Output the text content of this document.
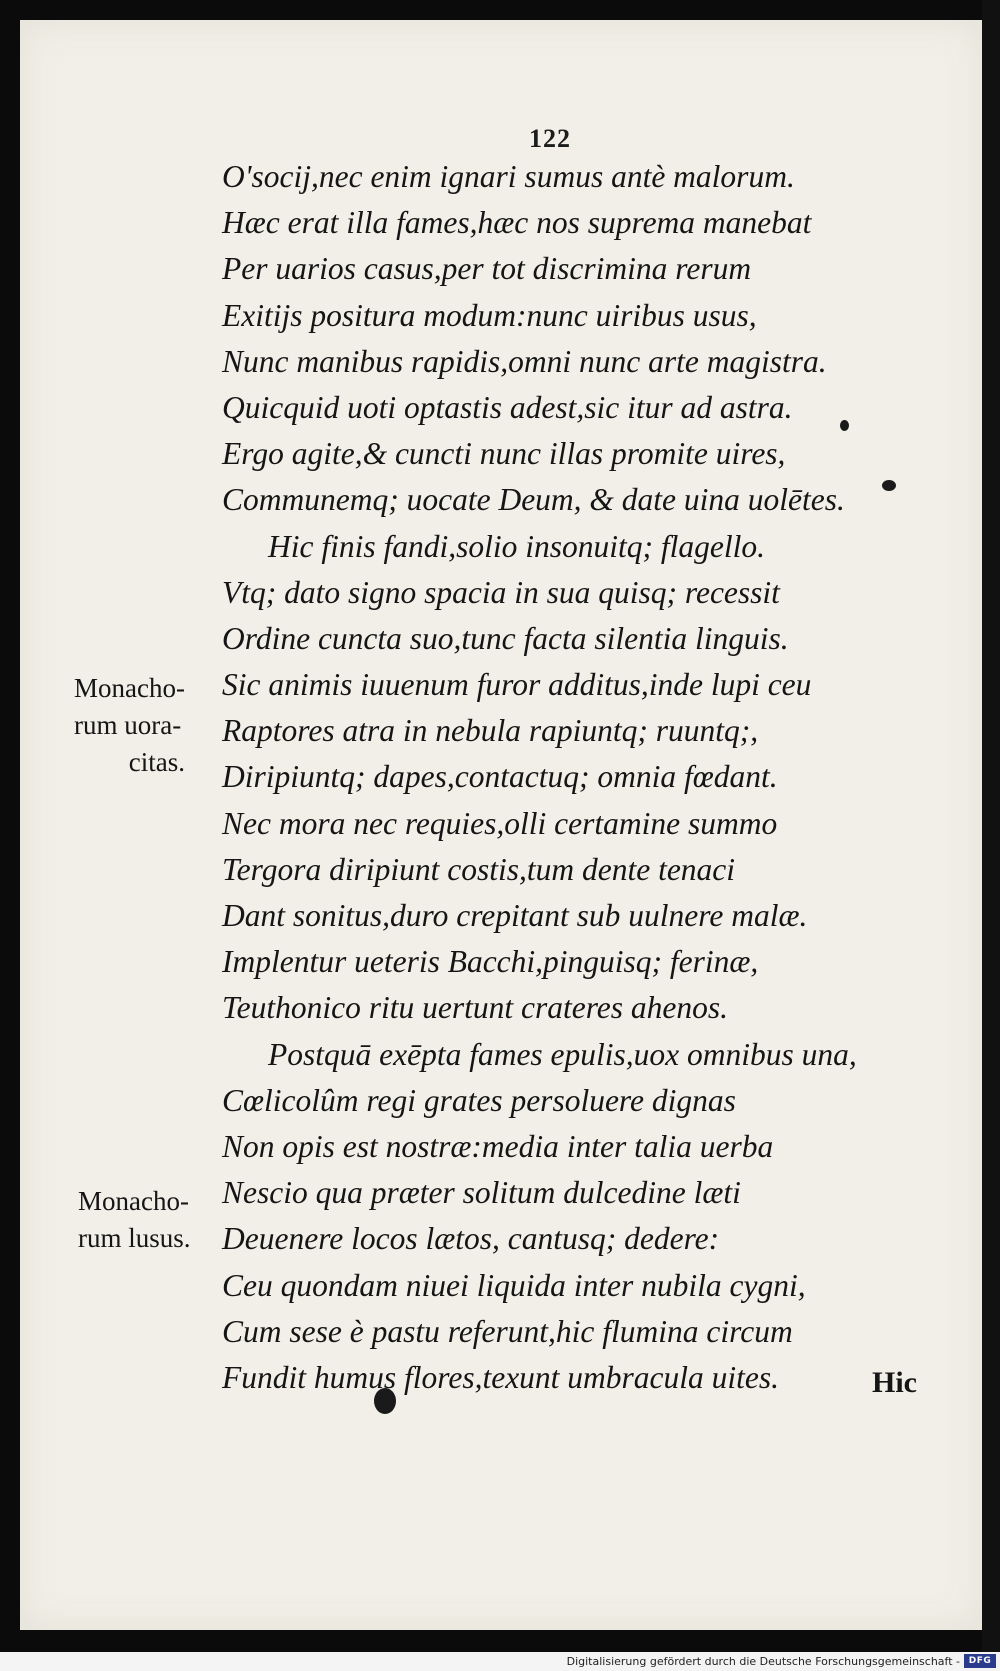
122
Monacho-
rum uora-
citas.
Monacho-
rum lusus.
Hic
O'socij,nec enim ignari sumus antè malorum.
Hæc erat illa fames,hæc nos suprema manebat
Per uarios casus,per tot discrimina rerum
Exitijs positura modum:nunc uiribus usus,
Nunc manibus rapidis,omni nunc arte magistra.
Quicquid uoti optastis adest,sic itur ad astra.
Ergo agite,& cuncti nunc illas promite uires,
Communemq; uocate Deum, & date uina uolētes.
Hic finis fandi,solio insonuitq; flagello.
Vtq; dato signo spacia in sua quisq; recessit
Ordine cuncta suo,tunc facta silentia linguis.
Sic animis iuuenum furor additus,inde lupi ceu
Raptores atra in nebula rapiuntq; ruuntq;,
Diripiuntq; dapes,contactuq; omnia fœdant.
Nec mora nec requies,olli certamine summo
Tergora diripiunt costis,tum dente tenaci
Dant sonitus,duro crepitant sub uulnere malæ.
Implentur ueteris Bacchi,pinguisq; ferinæ,
Teuthonico ritu uertunt crateres ahenos.
Postquā exēpta fames epulis,uox omnibus una,
Cœlicolûm regi grates persoluere dignas
Non opis est nostræ:media inter talia uerba
Nescio qua præter solitum dulcedine læti
Deuenere locos lætos, cantusq; dedere:
Ceu quondam niuei liquida inter nubila cygni,
Cum sese è pastu referunt,hic flumina circum
Fundit humus flores,texunt umbracula uites.
Digitalisierung gefördert durch die Deutsche Forschungsgemeinschaft - DFG
